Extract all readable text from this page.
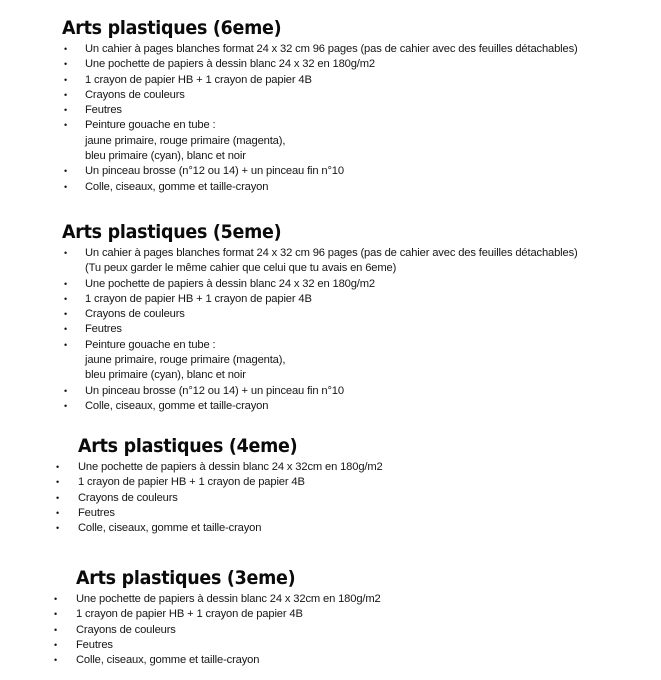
Arts plastiques (6eme)
• Un cahier à pages blanches format 24 x 32 cm 96 pages (pas de cahier avec des feuilles détachables)
• Une pochette de papiers à dessin blanc 24 x 32 en 180g/m2
• 1 crayon de papier HB + 1 crayon de papier 4B
• Crayons de couleurs
• Feutres
• Peinture gouache en tube :
jaune primaire, rouge primaire (magenta),
bleu primaire (cyan), blanc et noir
• Un pinceau brosse (n°12 ou 14) + un pinceau fin n°10
• Colle, ciseaux, gomme et taille-crayon
Arts plastiques (5eme)
• Un cahier à pages blanches format 24 x 32 cm 96 pages (pas de cahier avec des feuilles détachables)
(Tu peux garder le même cahier que celui que tu avais en 6eme)
• Une pochette de papiers à dessin blanc 24 x 32 en 180g/m2
• 1 crayon de papier HB + 1 crayon de papier 4B
• Crayons de couleurs
• Feutres
• Peinture gouache en tube :
jaune primaire, rouge primaire (magenta),
bleu primaire (cyan), blanc et noir
• Un pinceau brosse (n°12 ou 14) + un pinceau fin n°10
• Colle, ciseaux, gomme et taille-crayon
Arts plastiques (4eme)
• Une pochette de papiers à dessin blanc 24 x 32cm en 180g/m2
• 1 crayon de papier HB + 1 crayon de papier 4B
• Crayons de couleurs
• Feutres
• Colle, ciseaux, gomme et taille-crayon
Arts plastiques (3eme)
• Une pochette de papiers à dessin blanc 24 x 32cm en 180g/m2
• 1 crayon de papier HB + 1 crayon de papier 4B
• Crayons de couleurs
• Feutres
• Colle, ciseaux, gomme et taille-crayon
